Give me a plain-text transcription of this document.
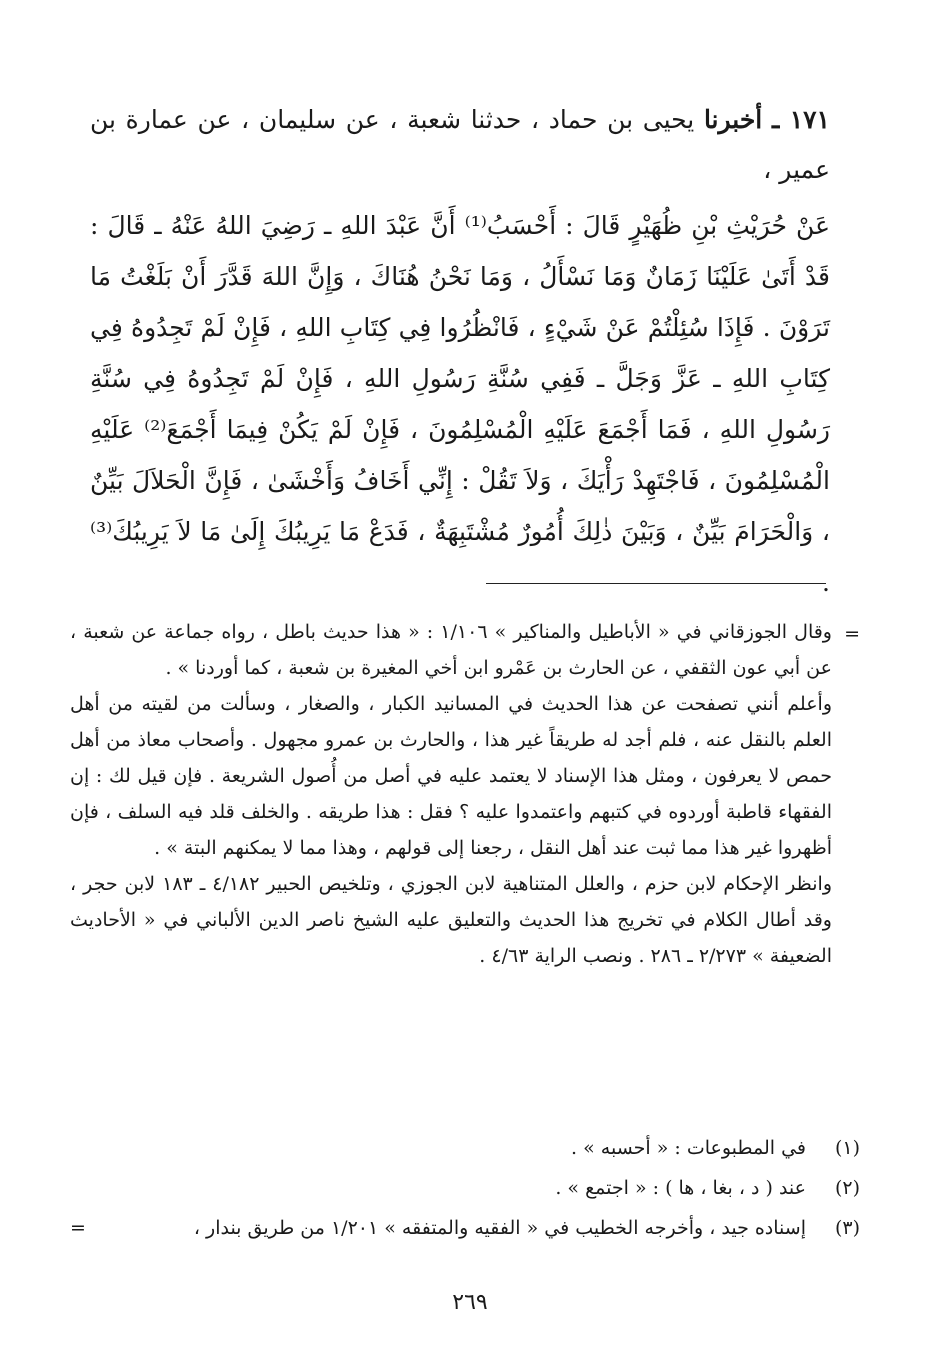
١٧١ ـ أخبرنا يحيى بن حماد ، حدثنا شعبة ، عن سليمان ، عن عمارة بن عمير ،
عَنْ حُرَيْثِ بْنِ ظُهَيْرٍ قَالَ : أَحْسَبُ⁽¹⁾ أَنَّ عَبْدَ اللهِ ـ رَضِيَ اللهُ عَنْهُ ـ قَالَ : قَدْ أَتَىٰ عَلَيْنَا زَمَانٌ وَمَا نَسْأَلُ ، وَمَا نَحْنُ هُنَاكَ ، وَإِنَّ اللهَ قَدَّرَ أَنْ بَلَغْتُ مَا تَرَوْنَ . فَإِذَا سُئِلْتُمْ عَنْ شَيْءٍ ، فَانْظُرُوا فِي كِتَابِ اللهِ ، فَإِنْ لَمْ تَجِدُوهُ فِي كِتَابِ اللهِ ـ عَزَّ وَجَلَّ ـ فَفِي سُنَّةِ رَسُولِ اللهِ ، فَإِنْ لَمْ تَجِدُوهُ فِي سُنَّةِ رَسُولِ اللهِ ، فَمَا أَجْمَعَ عَلَيْهِ الْمُسْلِمُونَ ، فَإِنْ لَمْ يَكُنْ فِيمَا أَجْمَعَ⁽²⁾ عَلَيْهِ الْمُسْلِمُونَ ، فَاجْتَهِدْ رَأْيَكَ ، وَلاَ تَقُلْ : إِنِّي أَخَافُ وَأَخْشَىٰ ، فَإِنَّ الْحَلاَلَ بَيِّنٌ ، وَالْحَرَامَ بَيِّنٌ ، وَبَيْنَ ذٰلِكَ أُمُورٌ مُشْتَبِهَةٌ ، فَدَعْ مَا يَرِيبُكَ إِلَىٰ مَا لاَ يَرِيبُكَ⁽³⁾ .
=

وقال الجوزقاني في « الأباطيل والمناكير » ١/١٠٦ : « هذا حديث باطل ، رواه جماعة عن شعبة ، عن أبي عون الثقفي ، عن الحارث بن عَمْرو ابن أخي المغيرة بن شعبة ، كما أوردنا » .

وأعلم أنني تصفحت عن هذا الحديث في المسانيد الكبار ، والصغار ، وسألت من لقيته من أهل العلم بالنقل عنه ، فلم أجد له طريقاً غير هذا ، والحارث بن عمرو مجهول . وأصحاب معاذ من أهل حمص لا يعرفون ، ومثل هذا الإسناد لا يعتمد عليه في أصل من أُصول الشريعة . فإن قيل لك : إن الفقهاء قاطبة أوردوه في كتبهم واعتمدوا عليه ؟ فقل : هذا طريقه . والخلف قلد فيه السلف ، فإن أظهروا غير هذا مما ثبت عند أهل النقل ، رجعنا إلى قولهم ، وهذا مما لا يمكنهم البتة » .

وانظر الإحكام لابن حزم ، والعلل المتناهية لابن الجوزي ، وتلخيص الحبير ٤/١٨٢ ـ ١٨٣ لابن حجر ، وقد أطال الكلام في تخريج هذا الحديث والتعليق عليه الشيخ ناصر الدين الألباني في « الأحاديث الضعيفة » ٢/٢٧٣ ـ ٢٨٦ . ونصب الراية ٤/٦٣ .

(١)
في المطبوعات : « أحسبه » .
(٢)
عند ( د ، بغا ، ها ) : « اجتمع » .
(٣)
إسناده جيد ، وأخرجه الخطيب في « الفقيه والمتفقه » ١/٢٠١ من طريق بندار ،
=
٢٦٩
